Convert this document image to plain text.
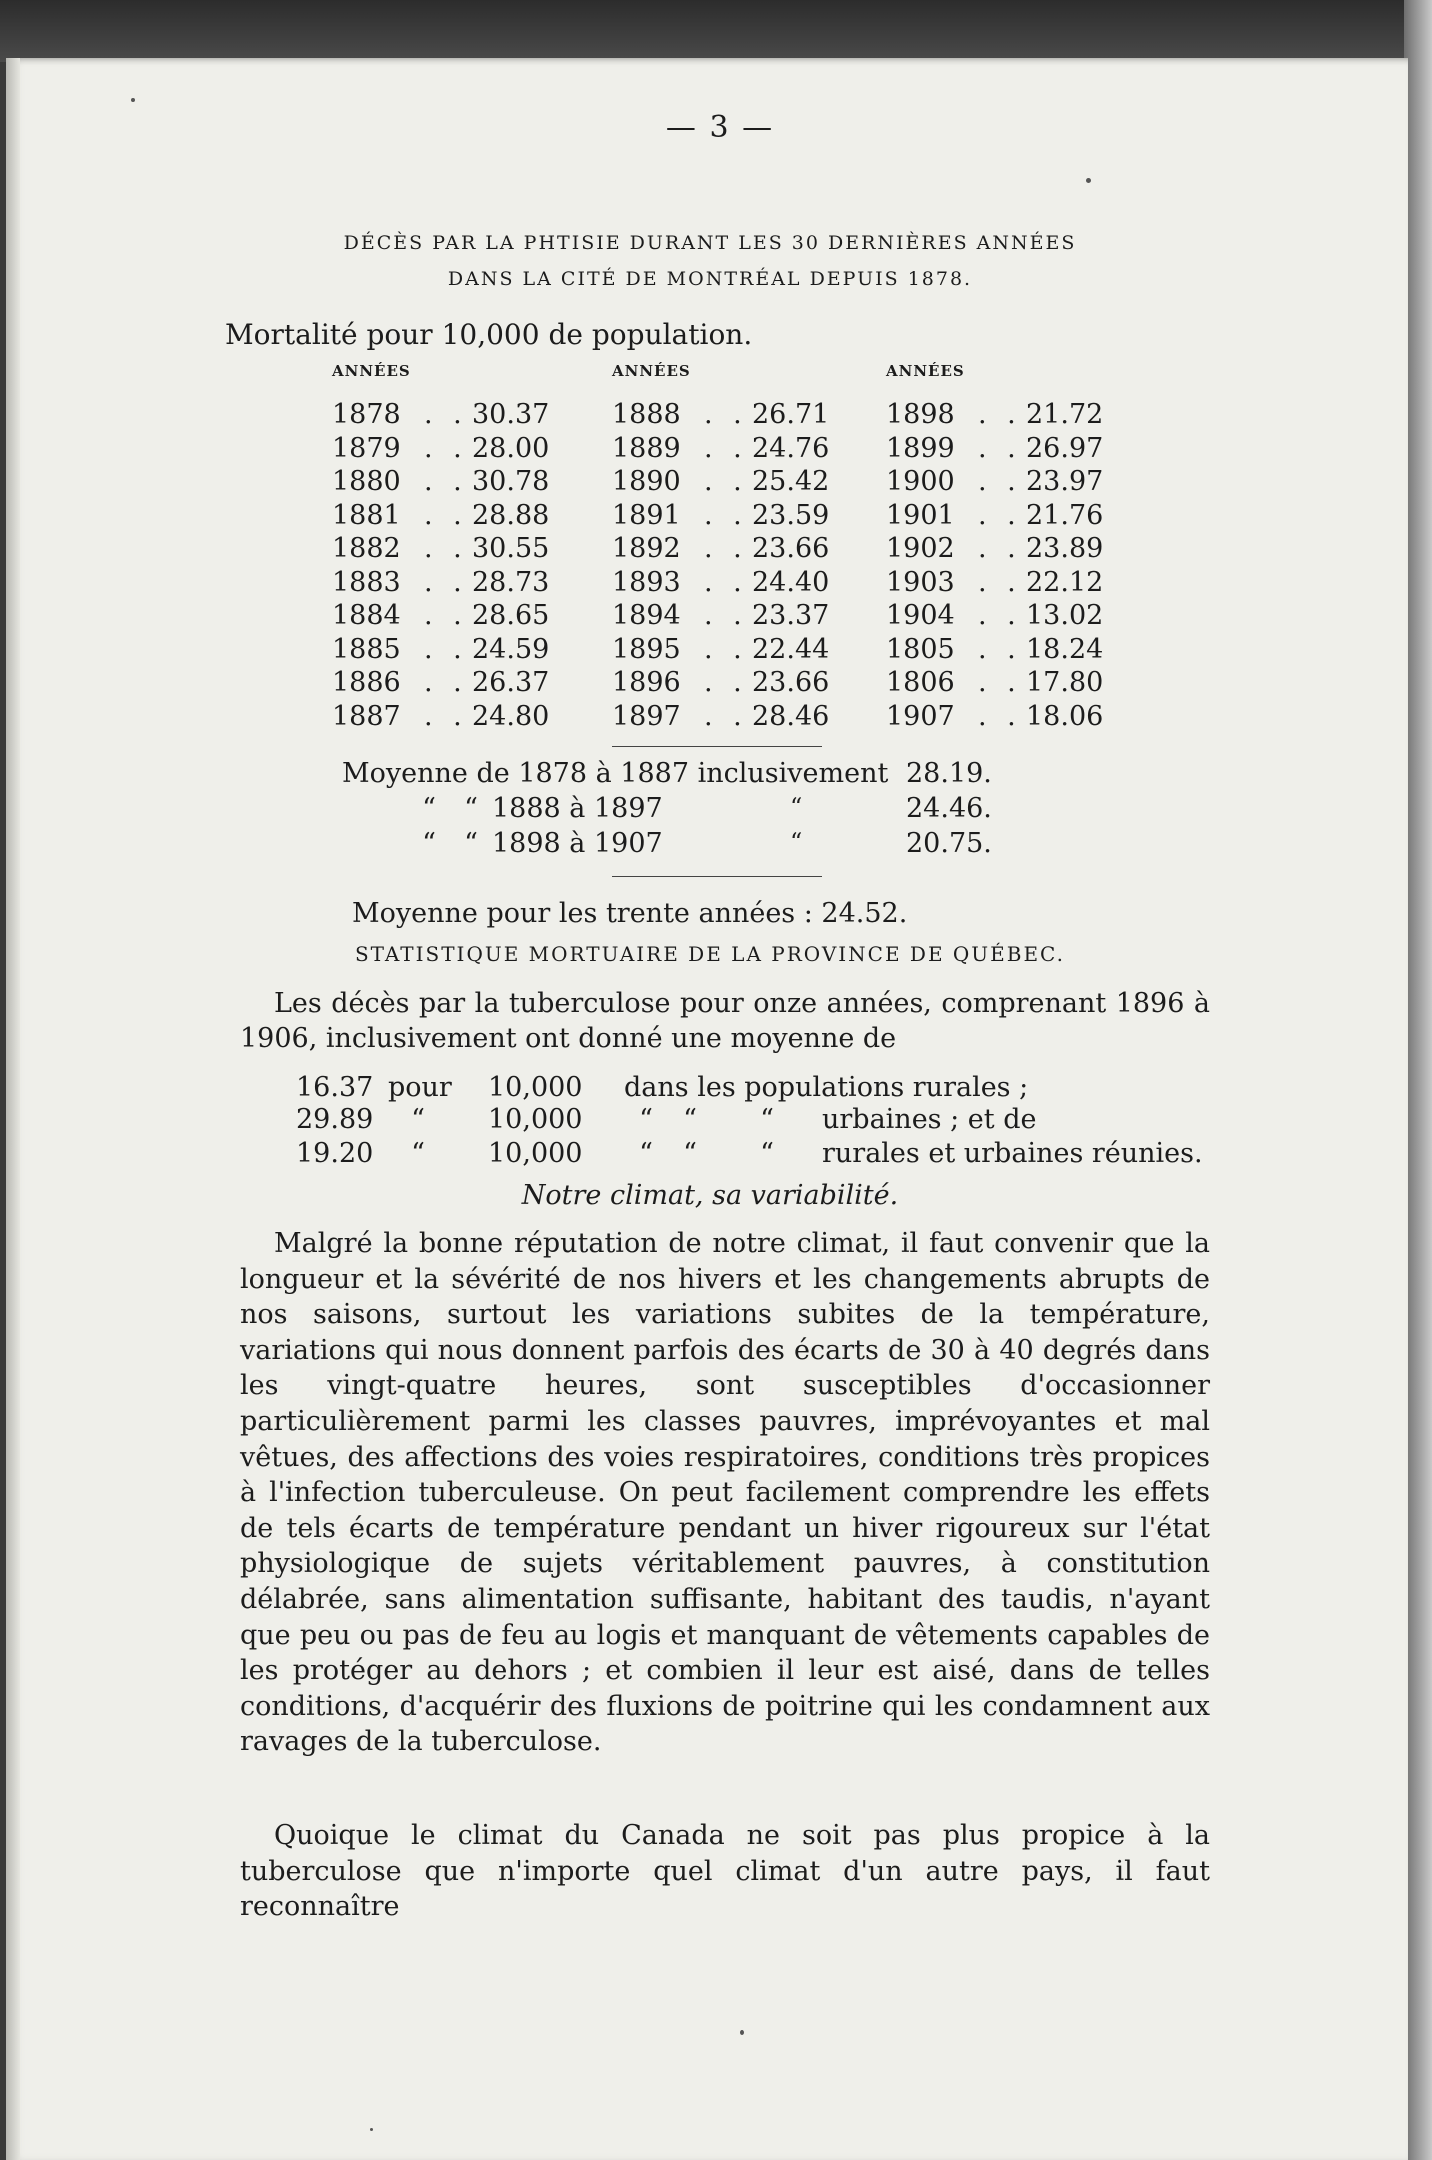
— 3 —
DÉCÈS PAR LA PHTISIE DURANT LES 30 DERNIÈRES ANNÉES
DANS LA CITÉ DE MONTRÉAL DEPUIS 1878.
Mortalité pour 10,000 de population.
ANNÉES
1878 . . 30.37
1879 . . 28.00
1880 . . 30.78
1881 . . 28.88
1882 . . 30.55
1883 . . 28.73
1884 . . 28.65
1885 . . 24.59
1886 . . 26.37
1887 . . 24.80
ANNÉES
1888 . . 26.71
1889 . . 24.76
1890 . . 25.42
1891 . . 23.59
1892 . . 23.66
1893 . . 24.40
1894 . . 23.37
1895 . . 22.44
1896 . . 23.66
1897 . . 28.46
ANNÉES
1898 . . 21.72
1899 . . 26.97
1900 . . 23.97
1901 . . 21.76
1902 . . 23.89
1903 . . 22.12
1904 . . 13.02
1805 . . 18.24
1806 . . 17.80
1907 . . 18.06
Moyenne de 1878 à 1887 inclusivement
“ “ 1888 à 1897
“ “ 1898 à 1907
“
“
28.19.
24.46.
20.75.
Moyenne pour les trente années : 24.52.
STATISTIQUE MORTUAIRE DE LA PROVINCE DE QUÉBEC.
Les décès par la tuberculose pour onze années, comprenant 1896 à 1906, inclusivement ont donné une moyenne de
16.37 pour 10,000 dans les populations rurales ;
29.89 “ 10,000 “ “ “ urbaines ; et de
19.20 “ 10,000 “ “ “ rurales et urbaines réunies.
Notre climat, sa variabilité.
Malgré la bonne réputation de notre climat, il faut convenir que la longueur et la sévérité de nos hivers et les changements abrupts de nos saisons, surtout les variations subites de la température, variations qui nous donnent parfois des écarts de 30 à 40 degrés dans les vingt-quatre heures, sont susceptibles d'occasionner particulièrement parmi les classes pauvres, imprévoyantes et mal vêtues, des affections des voies respiratoires, conditions très propices à l'infection tuberculeuse. On peut facilement comprendre les effets de tels écarts de température pendant un hiver rigoureux sur l'état physiologique de sujets véritablement pauvres, à constitution délabrée, sans alimentation suffisante, habitant des taudis, n'ayant que peu ou pas de feu au logis et manquant de vêtements capables de les protéger au dehors ; et combien il leur est aisé, dans de telles conditions, d'acquérir des fluxions de poitrine qui les condamnent aux ravages de la tuberculose.
Quoique le climat du Canada ne soit pas plus propice à la tuberculose que n'importe quel climat d'un autre pays, il faut reconnaître
